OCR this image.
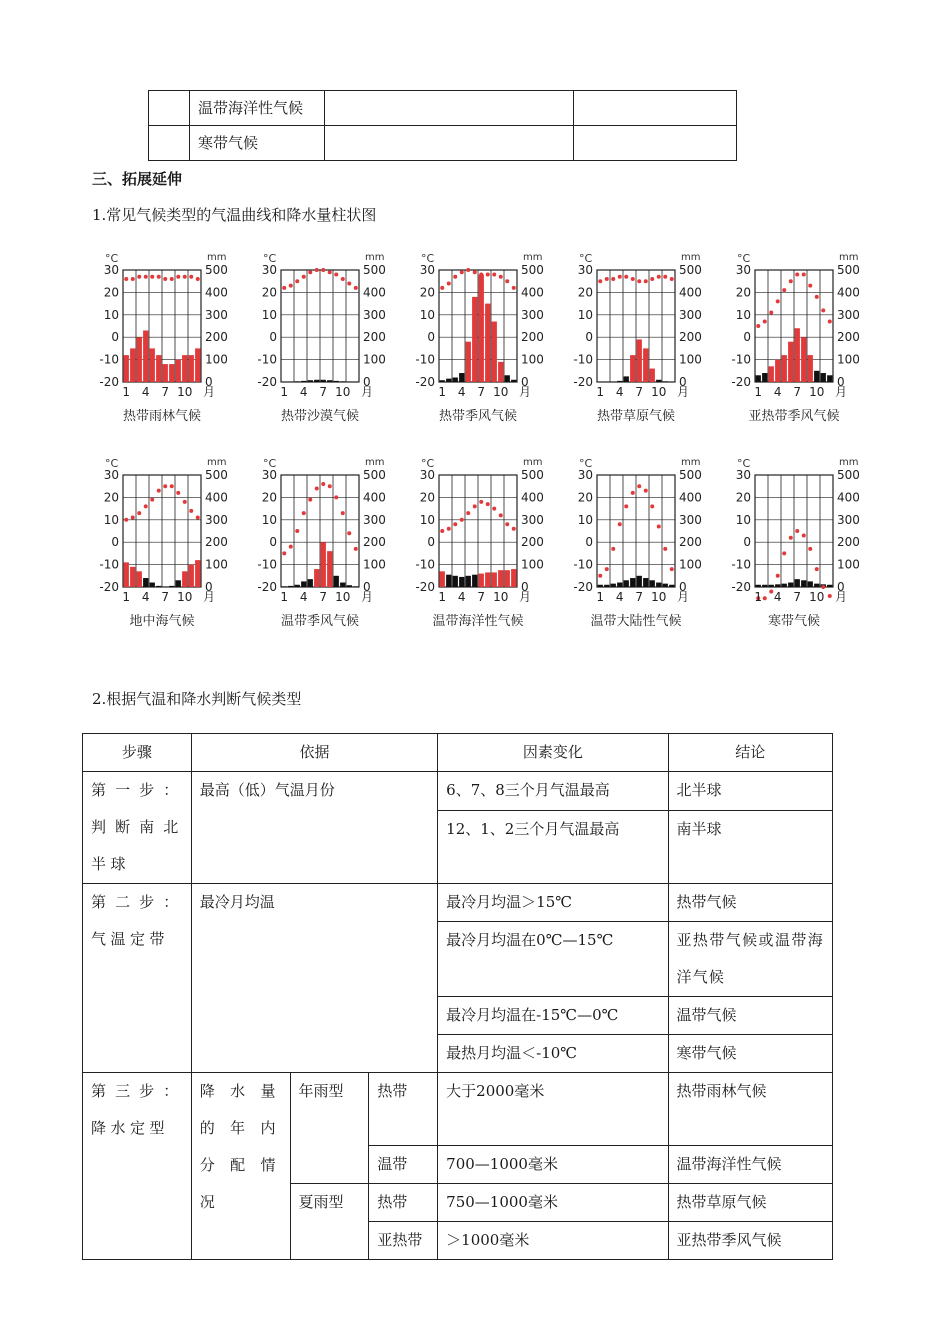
	温带海洋性气候		
	寒带气候		
三、拓展延伸
1.常见气候类型的气温曲线和降水量柱状图
°C	mm
30	500
20	400
10	300
0	200
-10	100
-20	0
1 4 7 10 月
热带雨林气候
°C	mm
30	500
20	400
10	300
0	200
-10	100
-20	0
1 4 7 10 月
热带沙漠气候
°C	mm
30	500
20	400
10	300
0	200
-10	100
-20	0
1 4 7 10 月
热带季风气候
°C	mm
30	500
20	400
10	300
0	200
-10	100
-20	0
1 4 7 10 月
热带草原气候
°C	mm
30	500
20	400
10	300
0	200
-10	100
-20	0
1 4 7 10 月
亚热带季风气候
°C	mm
30	500
20	400
10	300
0	200
-10	100
-20	0
1 4 7 10 月
地中海气候
°C	mm
30	500
20	400
10	300
0	200
-10	100
-20	0
1 4 7 10 月
温带季风气候
°C	mm
30	500
20	400
10	300
0	200
-10	100
-20	0
1 4 7 10 月
温带海洋性气候
°C	mm
30	500
20	400
10	300
0	200
-10	100
-20	0
1 4 7 10 月
温带大陆性气候
°C	mm
30	500
20	400
10	300
0	200
-10	100
-20	0
1 4 7 10 月
寒带气候
2.根据气温和降水判断气候类型
步骤	依据			因素变化	结论
第一步：判断南北半球	最高（低）气温月份			6、7、8三个月气温最高	北半球
				12、1、2三个月气温最高	南半球
第二步：气温定带	最冷月均温			最冷月均温＞15℃	热带气候
				最冷月均温在0℃—15℃	亚热带气候或温带海洋气候
				最冷月均温在-15℃—0℃	温带气候
				最热月均温＜-10℃	寒带气候
第三步：降水定型	降水量的年内分配情况	年雨型	热带	大于2000毫米	热带雨林气候
			温带	700—1000毫米	温带海洋性气候
		夏雨型	热带	750—1000毫米	热带草原气候
			亚热带	＞1000毫米	亚热带季风气候
